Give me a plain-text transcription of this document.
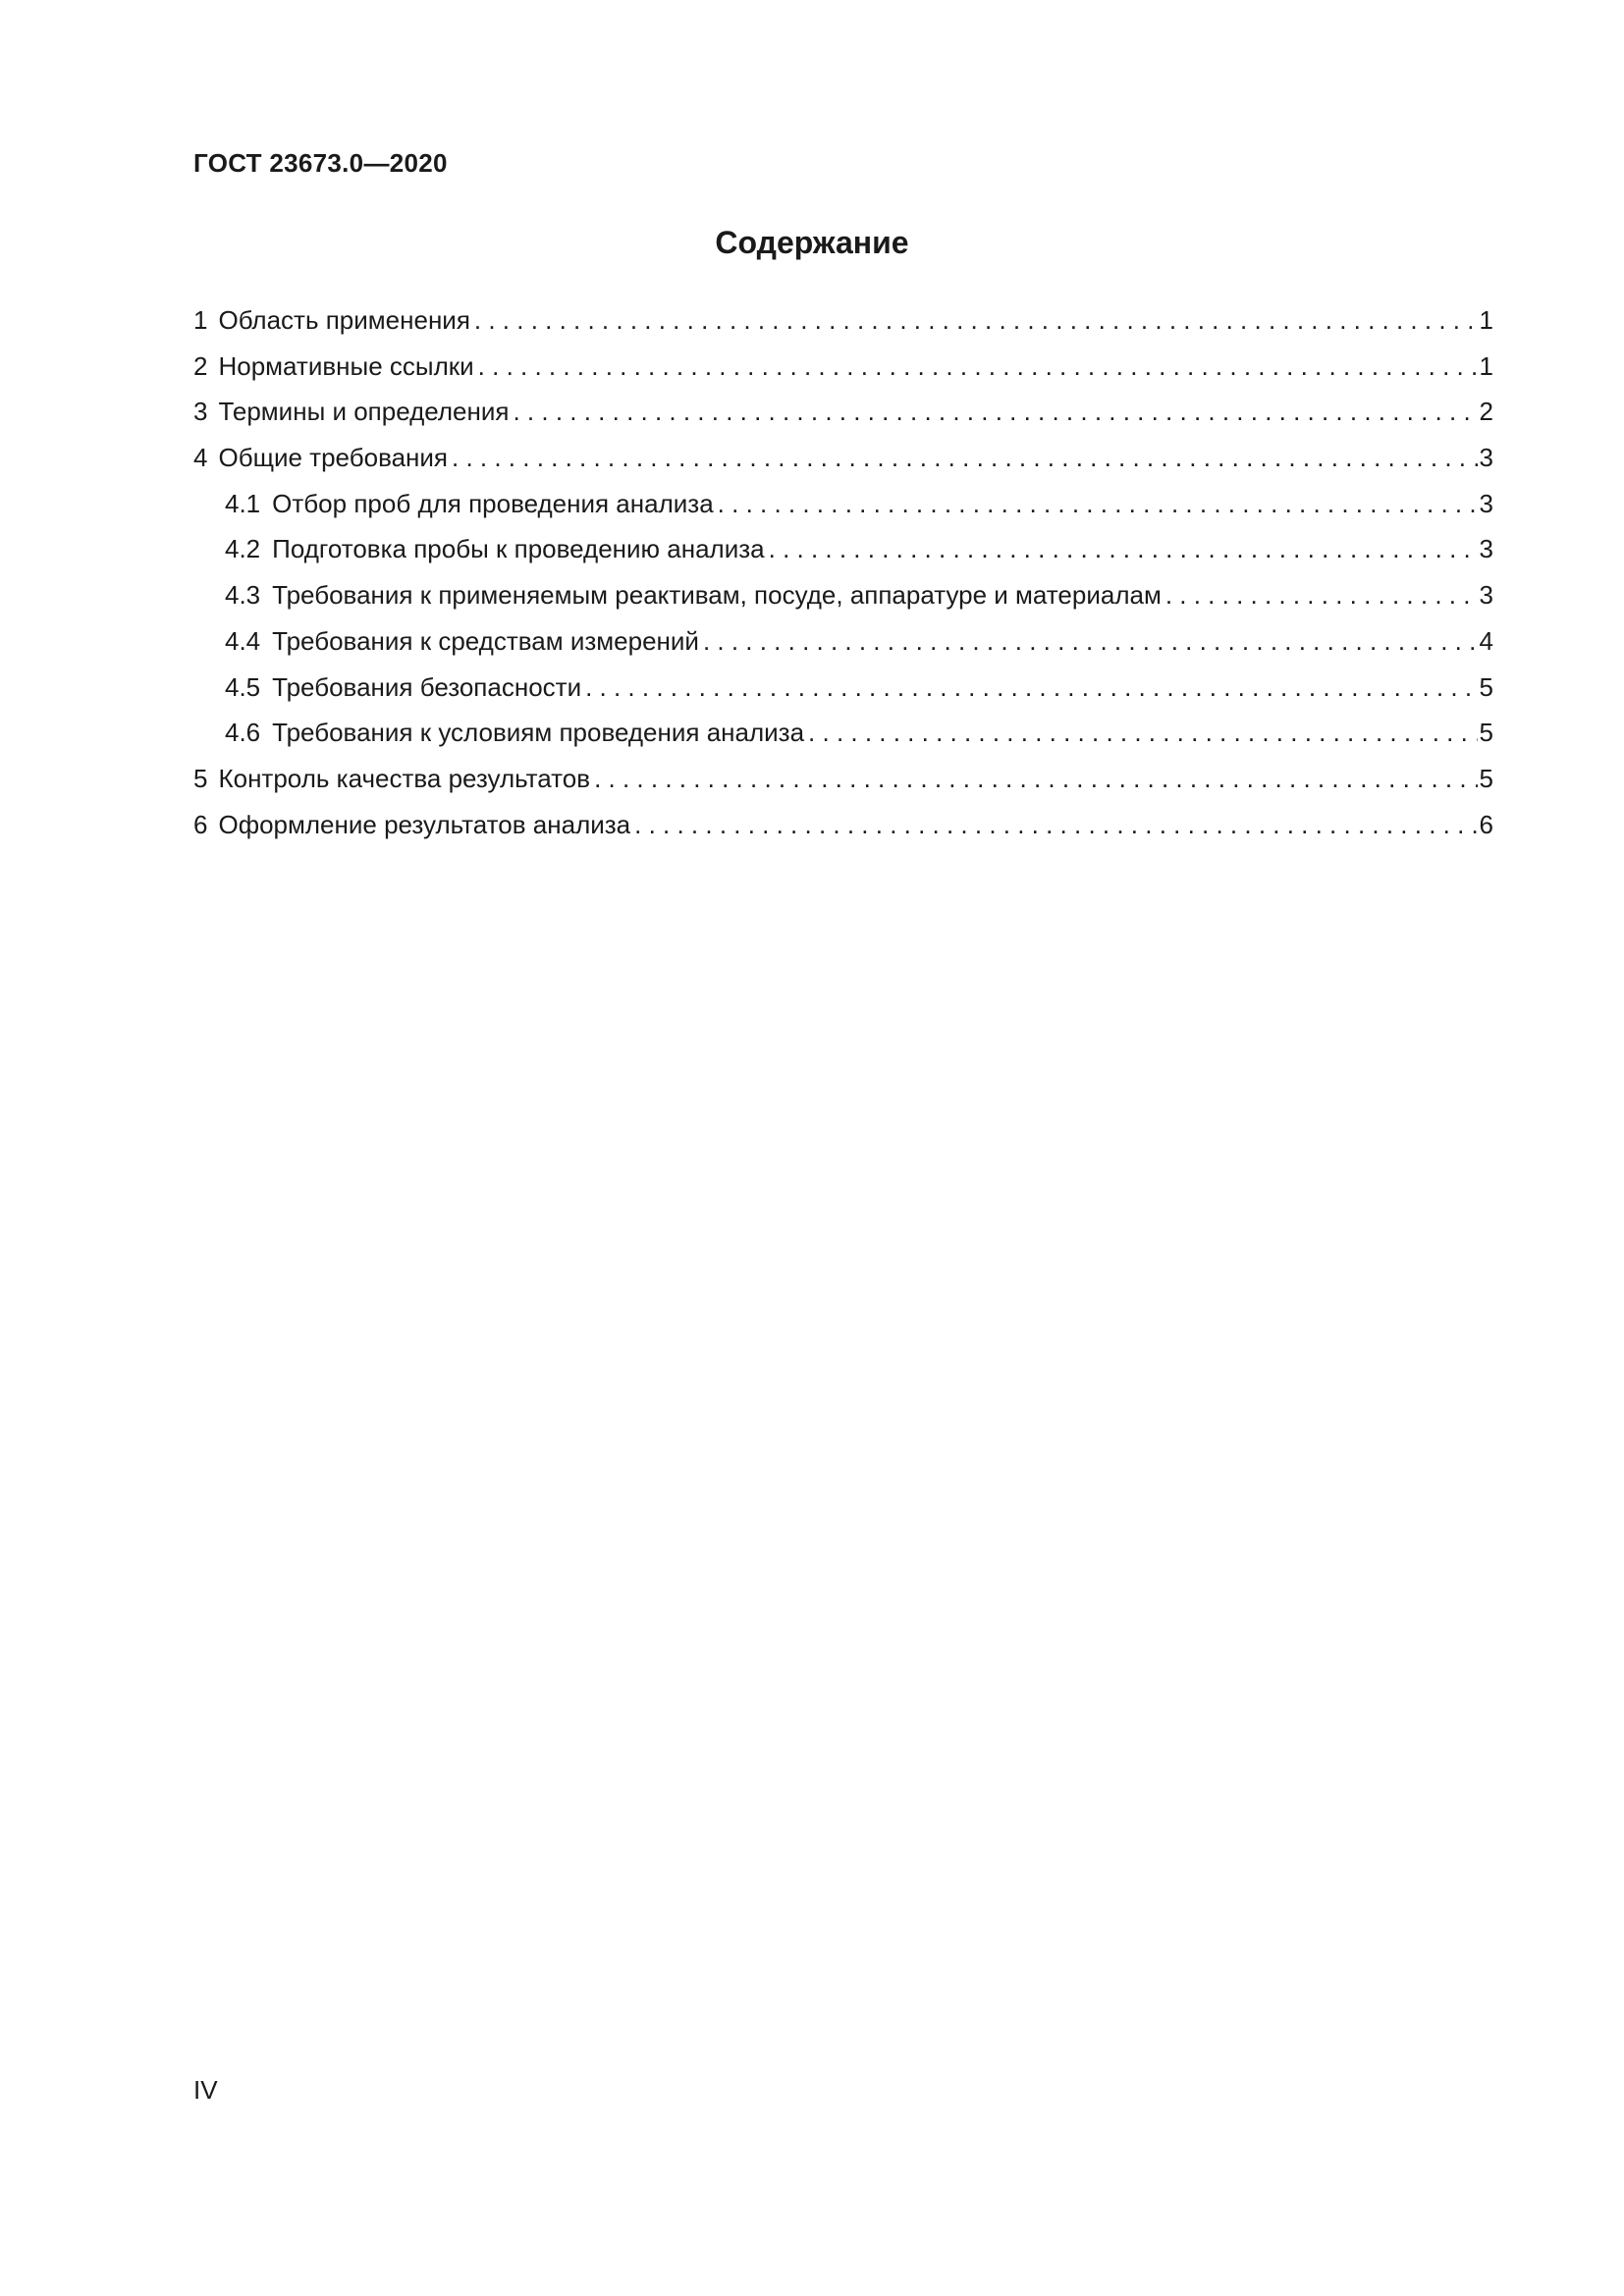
ГОСТ 23673.0—2020
Содержание
1 Область применения . . .	1
2 Нормативные ссылки . . .	1
3 Термины и определения . . .	2
4 Общие требования . . .	3
4.1 Отбор проб для проведения анализа . . .	3
4.2 Подготовка пробы к проведению анализа . . .	3
4.3 Требования к применяемым реактивам, посуде, аппаратуре и материалам . . .	3
4.4 Требования к средствам измерений . . .	4
4.5 Требования безопасности . . .	5
4.6 Требования к условиям проведения анализа . . .	5
5 Контроль качества результатов . . .	5
6 Оформление результатов анализа . . .	6
IV
